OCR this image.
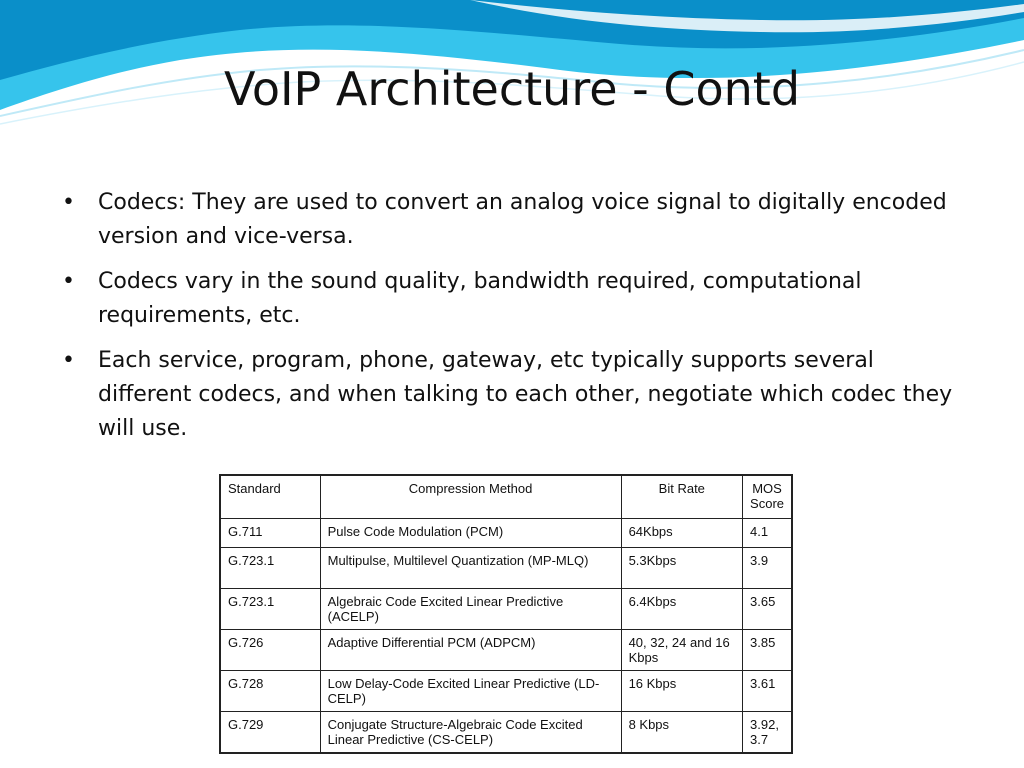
VoIP Architecture - Contd
• Codecs: They are used to convert an analog voice signal to digitally encoded version and vice-versa.
• Codecs vary in the sound quality, bandwidth required, computational requirements, etc.
• Each service, program, phone, gateway, etc typically supports several different codecs, and when talking to each other, negotiate which codec they will use.
Standard	Compression Method	Bit Rate	MOS Score
G.711	Pulse Code Modulation (PCM)	64Kbps	4.1
G.723.1	Multipulse, Multilevel Quantization (MP-MLQ)	5.3Kbps	3.9
G.723.1	Algebraic Code Excited Linear Predictive (ACELP)	6.4Kbps	3.65
G.726	Adaptive Differential PCM (ADPCM)	40, 32, 24 and 16 Kbps	3.85
G.728	Low Delay-Code Excited Linear Predictive (LD-CELP)	16 Kbps	3.61
G.729	Conjugate Structure-Algebraic Code Excited Linear Predictive (CS-CELP)	8 Kbps	3.92, 3.7
